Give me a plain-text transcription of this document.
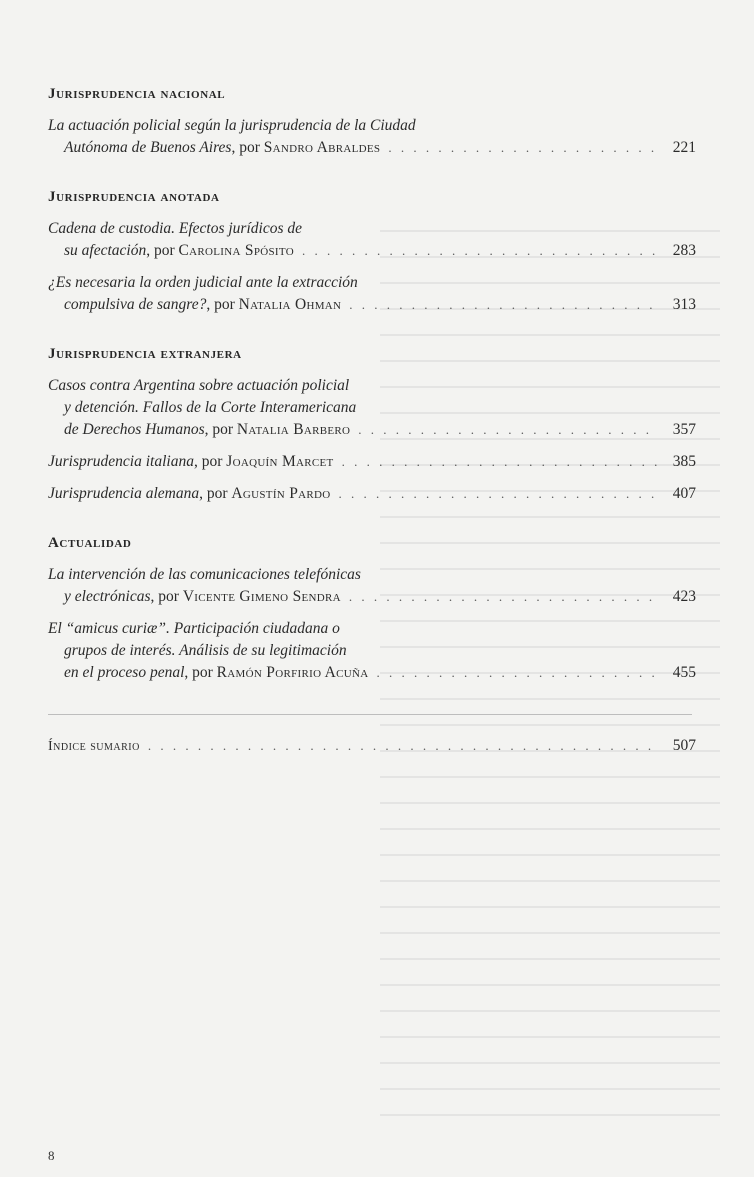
Jurisprudencia nacional
La actuación policial según la jurisprudencia de la Ciudad
Autónoma de Buenos Aires, por Sandro Abraldes . . .	221
Jurisprudencia anotada
Cadena de custodia. Efectos jurídicos de
su afectación, por Carolina Spósito . . .	283
¿Es necesaria la orden judicial ante la extracción
compulsiva de sangre?, por Natalia Ohman . . .	313
Jurisprudencia extranjera
Casos contra Argentina sobre actuación policial
y detención. Fallos de la Corte Interamericana
de Derechos Humanos, por Natalia Barbero . . .	357
Jurisprudencia italiana, por Joaquín Marcet . . .	385
Jurisprudencia alemana, por Agustín Pardo . . .	407
Actualidad
La intervención de las comunicaciones telefónicas
y electrónicas, por Vicente Gimeno Sendra . . .	423
El “amicus curiæ”. Participación ciudadana o
grupos de interés. Análisis de su legitimación
en el proceso penal, por Ramón Porfirio Acuña . . .	455
Índice sumario . . .	507
8
